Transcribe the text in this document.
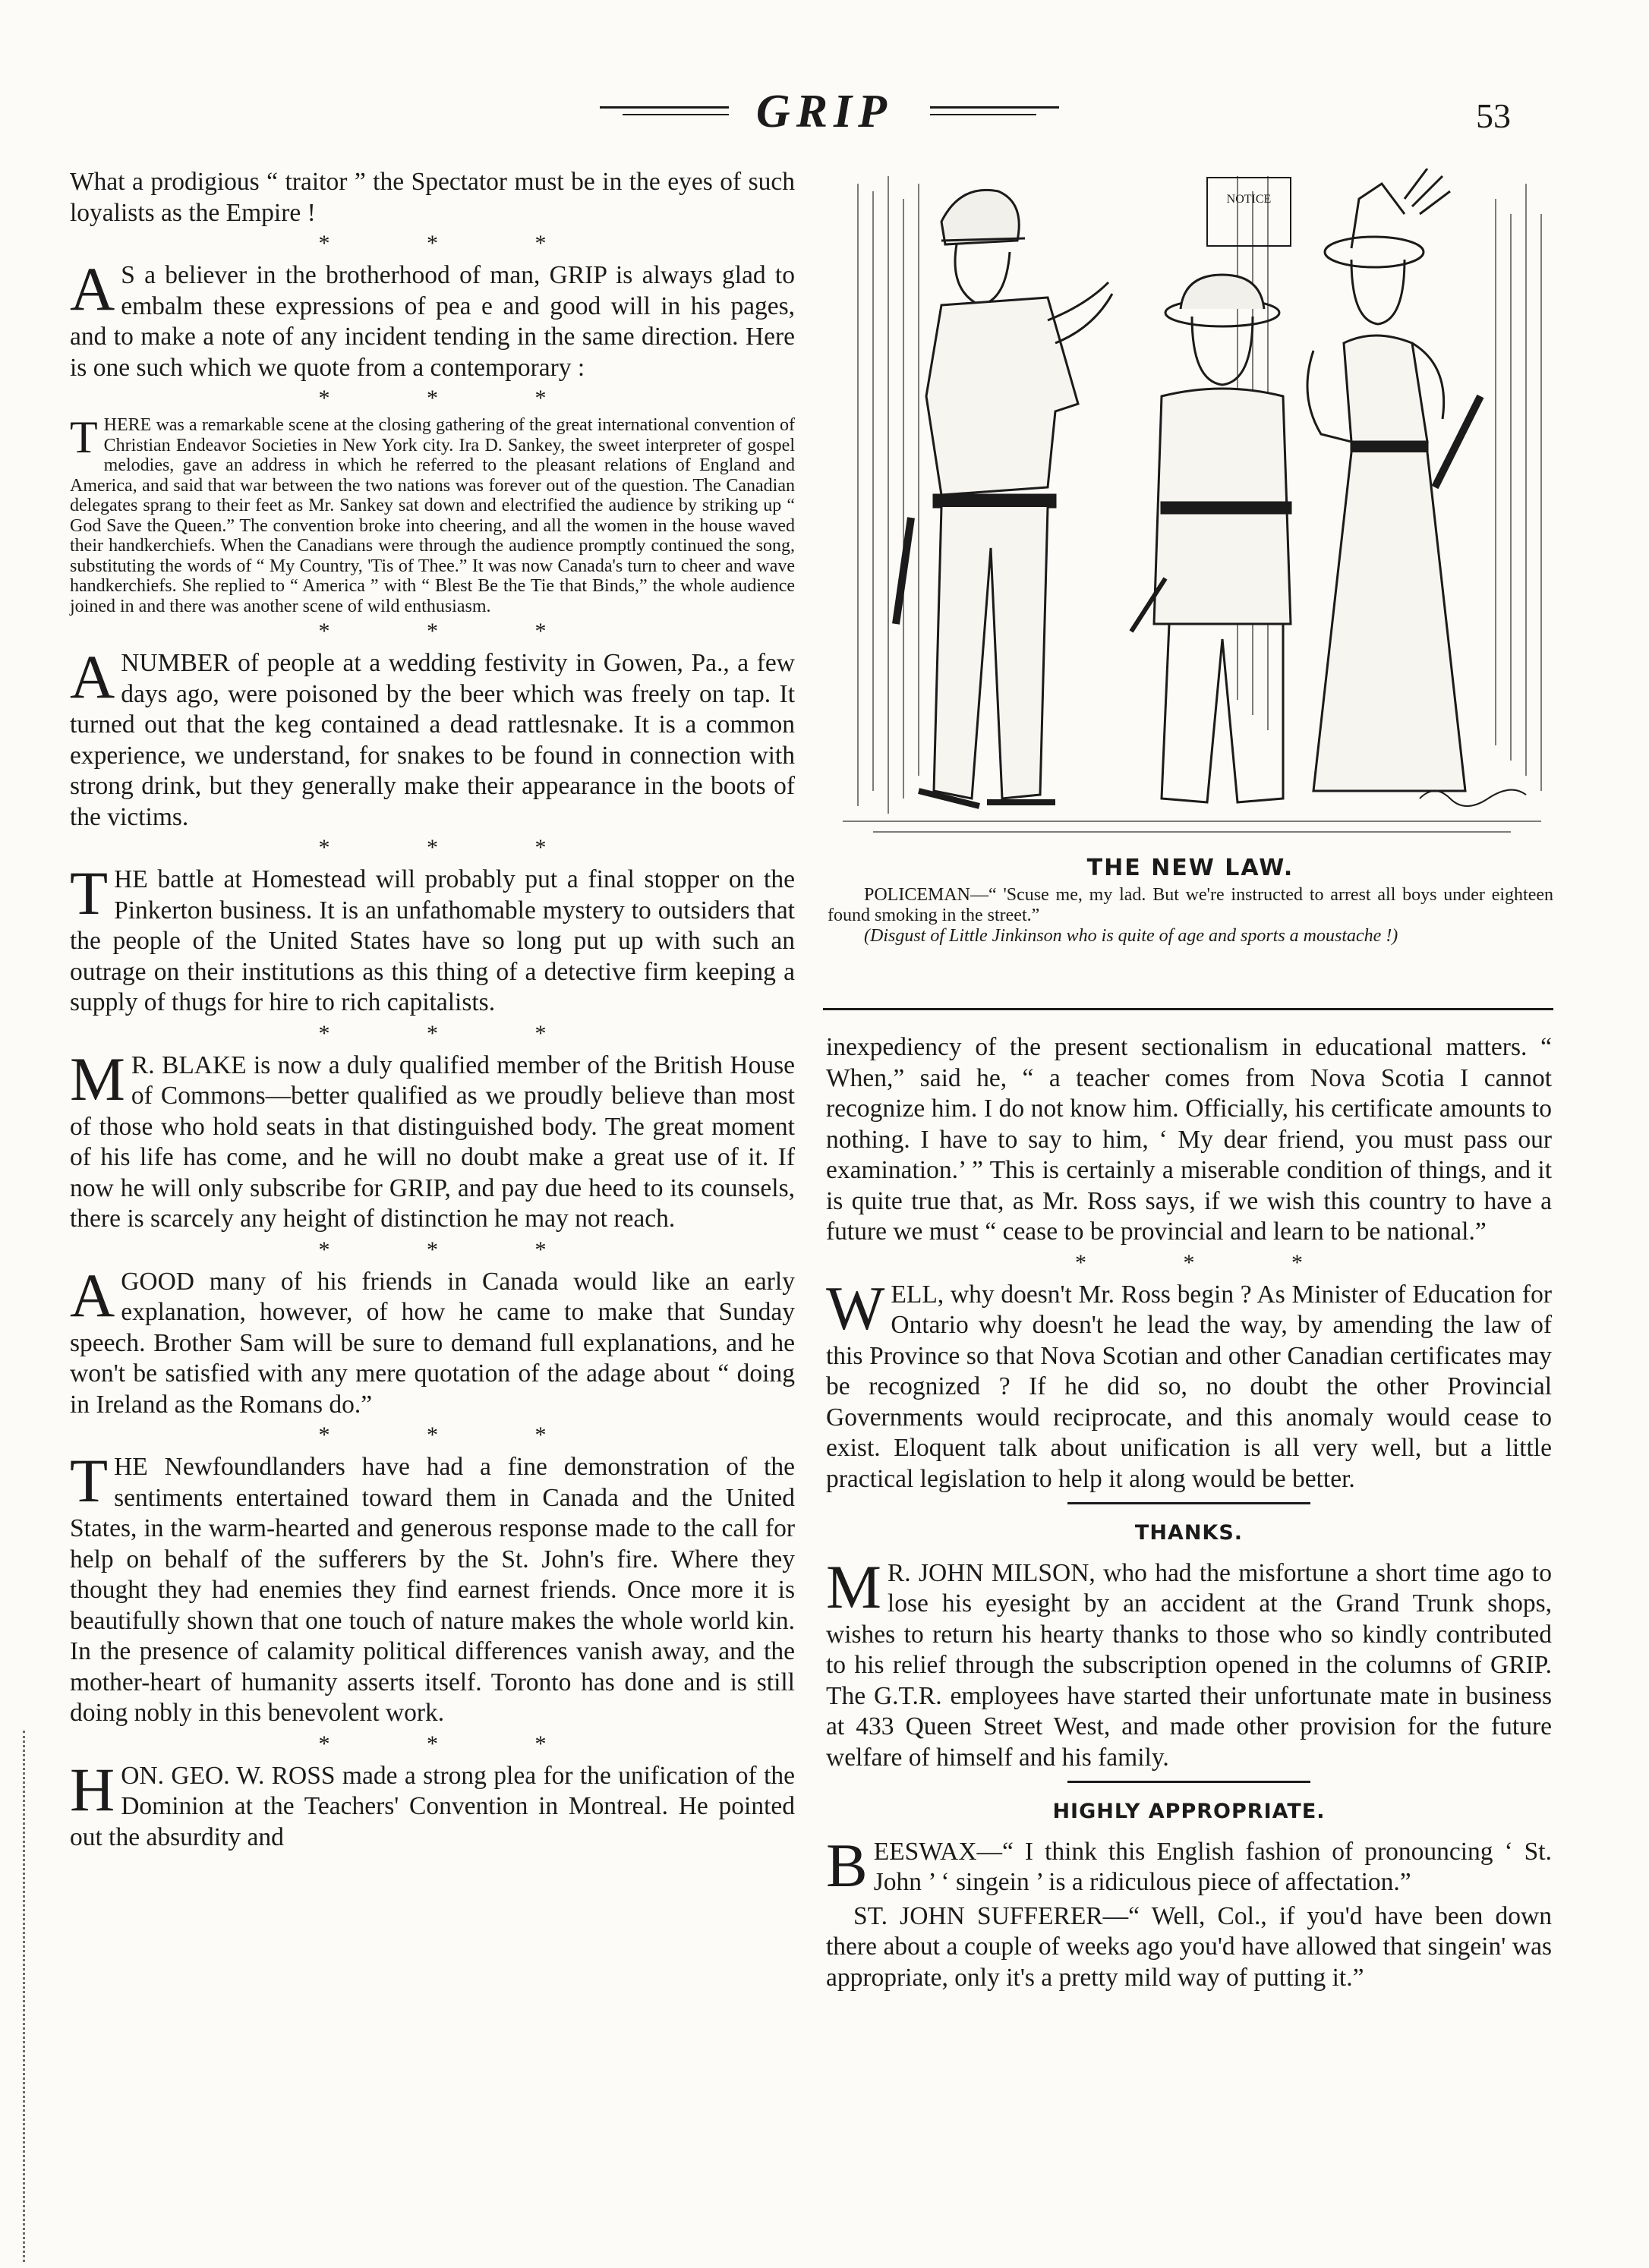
GRIP	53

What a prodigious “ traitor ” the Spectator must be in the eyes of such loyalists as the Empire !

* * *

A S a believer in the brotherhood of man, GRIP is always glad to embalm these expressions of pea e and good will in his pages, and to make a note of any incident tending in the same direction. Here is one such which we quote from a contemporary :

* * *

THERE was a remarkable scene at the closing gathering of the great international convention of Christian Endeavor Societies in New York city. Ira D. Sankey, the sweet interpreter of gospel melodies, gave an address in which he referred to the pleasant relations of England and America, and said that war between the two nations was forever out of the question. The Canadian delegates sprang to their feet as Mr. Sankey sat down and electrified the audience by striking up “ God Save the Queen.” The convention broke into cheering, and all the women in the house waved their handkerchiefs. When the Canadians were through the audience promptly continued the song, substituting the words of “ My Country, 'Tis of Thee.” It was now Canada's turn to cheer and wave handkerchiefs. She replied to “ America ” with “ Blest Be the Tie that Binds,” the whole audience joined in and there was another scene of wild enthusiasm.

* * *

ANUMBER of people at a wedding festivity in Gowen, Pa., a few days ago, were poisoned by the beer which was freely on tap. It turned out that the keg contained a dead rattlesnake. It is a common experience, we understand, for snakes to be found in connection with strong drink, but they generally make their appearance in the boots of the victims.

* * *

THE battle at Homestead will probably put a final stopper on the Pinkerton business. It is an unfathomable mystery to outsiders that the people of the United States have so long put up with such an outrage on their institutions as this thing of a detective firm keeping a supply of thugs for hire to rich capitalists.

* * *

M R. BLAKE is now a duly qualified member of the British House of Commons—better qualified as we proudly believe than most of those who hold seats in that distinguished body. The great moment of his life has come, and he will no doubt make a great use of it. If now he will only subscribe for GRIP, and pay due heed to its counsels, there is scarcely any height of distinction he may not reach.

* * *

AGOOD many of his friends in Canada would like an early explanation, however, of how he came to make that Sunday speech. Brother Sam will be sure to demand full explanations, and he won't be satisfied with any mere quotation of the adage about “ doing in Ireland as the Romans do.”

* * *

THE Newfoundlanders have had a fine demonstration of the sentiments entertained toward them in Canada and the United States, in the warm-hearted and generous response made to the call for help on behalf of the sufferers by the St. John's fire. Where they thought they had enemies they find earnest friends. Once more it is beautifully shown that one touch of nature makes the whole world kin. In the presence of calamity political differences vanish away, and the mother-heart of humanity asserts itself. Toronto has done and is still doing nobly in this benevolent work.

* * *

HON. GEO. W. ROSS made a strong plea for the unification of the Dominion at the Teachers' Convention in Montreal. He pointed out the absurdity and

NOTICE
THE NEW LAW.
POLICEMAN—“ 'Scuse me, my lad. But we're instructed to arrest all boys under eighteen found smoking in the street.”
(Disgust of Little Jinkinson who is quite of age and sports a moustache !)

inexpediency of the present sectionalism in educational matters. “ When,” said he, “ a teacher comes from Nova Scotia I cannot recognize him. I do not know him. Officially, his certificate amounts to nothing. I have to say to him, ‘ My dear friend, you must pass our examination.’ ” This is certainly a miserable condition of things, and it is quite true that, as Mr. Ross says, if we wish this country to have a future we must “ cease to be provincial and learn to be national.”

* * *

WELL, why doesn't Mr. Ross begin ? As Minister of Education for Ontario why doesn't he lead the way, by amending the law of this Province so that Nova Scotian and other Canadian certificates may be recognized ? If he did so, no doubt the other Provincial Governments would reciprocate, and this anomaly would cease to exist. Eloquent talk about unification is all very well, but a little practical legislation to help it along would be better.

THANKS.

M R. JOHN MILSON, who had the misfortune a short time ago to lose his eyesight by an accident at the Grand Trunk shops, wishes to return his hearty thanks to those who so kindly contributed to his relief through the subscription opened in the columns of GRIP. The G.T.R. employees have started their unfortunate mate in business at 433 Queen Street West, and made other provision for the future welfare of himself and his family.

HIGHLY APPROPRIATE.

BEESWAX—“ I think this English fashion of pronouncing ‘ St. John ’ ‘ singein ’ is a ridiculous piece of affectation.”

ST. JOHN SUFFERER—“ Well, Col., if you'd have been down there about a couple of weeks ago you'd have allowed that singein' was appropriate, only it's a pretty mild way of putting it.”
